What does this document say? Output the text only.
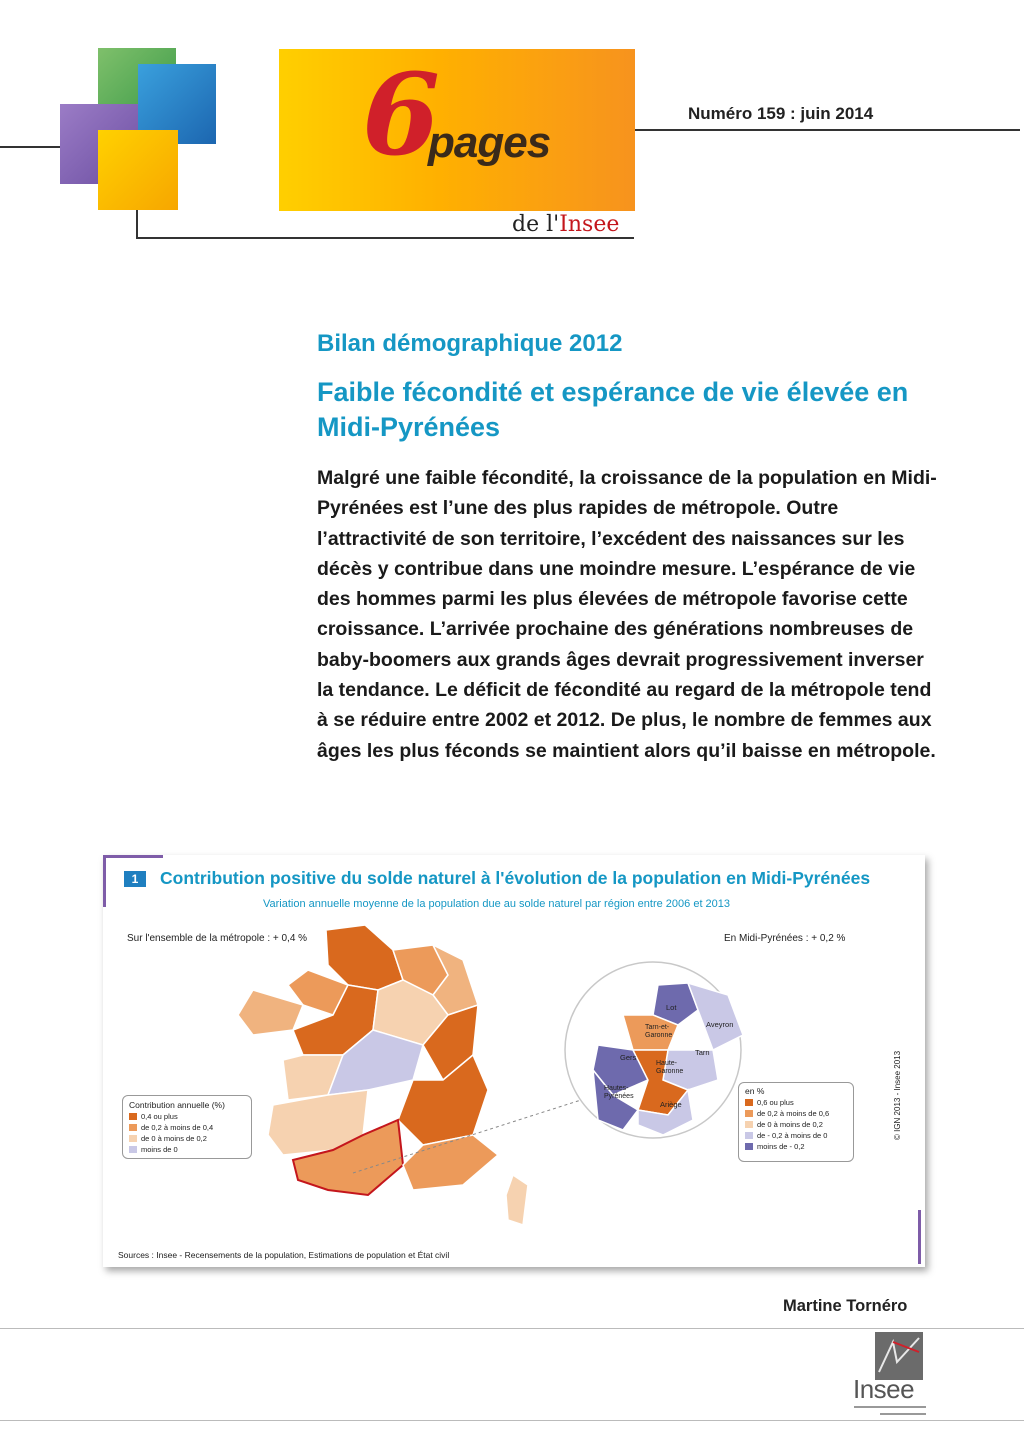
6
pages
de l'Insee
Numéro 159 : juin 2014
Bilan démographique 2012
Faible fécondité et espérance de vie élevée en Midi-Pyrénées
Malgré une faible fécondité, la croissance de la population en Midi-Pyrénées est l’une des plus rapides de métropole. Outre l’attractivité de son territoire, l’excédent des naissances sur les décès y contribue dans une moindre mesure. L’espérance de vie des hommes parmi les plus élevées de métropole favorise cette croissance. L’arrivée prochaine des générations nombreuses de baby-boomers aux grands âges devrait progressivement inverser la tendance. Le déficit de fécondité au regard de la métropole tend à se réduire entre 2002 et 2012. De plus, le nombre de femmes aux âges les plus féconds se maintient alors qu’il baisse en métropole.
1	Contribution positive du solde naturel à l'évolution de la population en Midi-Pyrénées
Variation annuelle moyenne de la population due au solde naturel par région entre 2006 et 2013
Sur l'ensemble de la métropole : + 0,4 %	En Midi-Pyrénées : + 0,2 %
Lot
Aveyron
Tarn-et-Garonne
Gers
Tarn
Haute-Garonne
Hautes-Pyrénées
Ariège
Contribution annuelle (%)
0,4 ou plus
de 0,2 à moins de 0,4
de 0 à moins de 0,2
moins de 0
en %
0,6 ou plus
de 0,2 à moins de 0,6
de 0 à moins de 0,2
de - 0,2 à moins de 0
moins de - 0,2
© IGN 2013 - Insee 2013
Sources : Insee - Recensements de la population, Estimations de population et État civil
Martine Tornéro
Insee
